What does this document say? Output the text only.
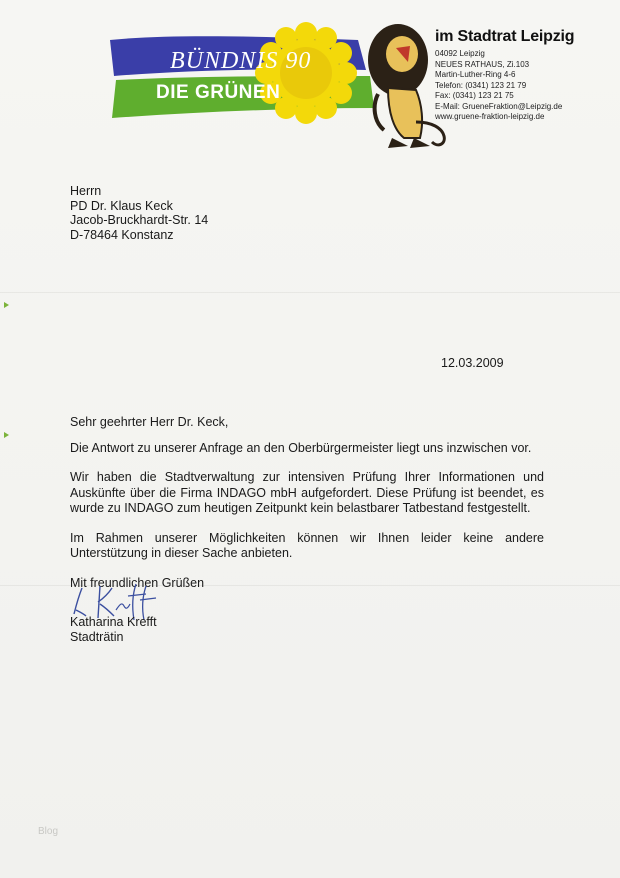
BÜNDNIS 90
DIE GRÜNEN
im Stadtrat Leipzig
04092 Leipzig
NEUES RATHAUS, Zi.103
Martin-Luther-Ring 4-6
Telefon: (0341) 123 21 79
Fax: (0341) 123 21 75
E-Mail: GrueneFraktion@Leipzig.de
www.gruene-fraktion-leipzig.de
Herrn
PD Dr. Klaus Keck
Jacob-Bruckhardt-Str. 14
D-78464 Konstanz
12.03.2009

Sehr geehrter Herr Dr. Keck,

Die Antwort zu unserer Anfrage an den Oberbürgermeister liegt uns inzwischen vor.

Wir haben die Stadtverwaltung zur intensiven Prüfung Ihrer Informationen und Auskünfte über die Firma INDAGO mbH aufgefordert. Diese Prüfung ist beendet, es wurde zu INDAGO zum heutigen Zeitpunkt kein belastbarer Tatbestand festgestellt.

Im Rahmen unserer Möglichkeiten können wir Ihnen leider keine andere Unterstützung in dieser Sache anbieten.

Mit freundlichen Grüßen

Katharina Krefft
Stadträtin
Blog
